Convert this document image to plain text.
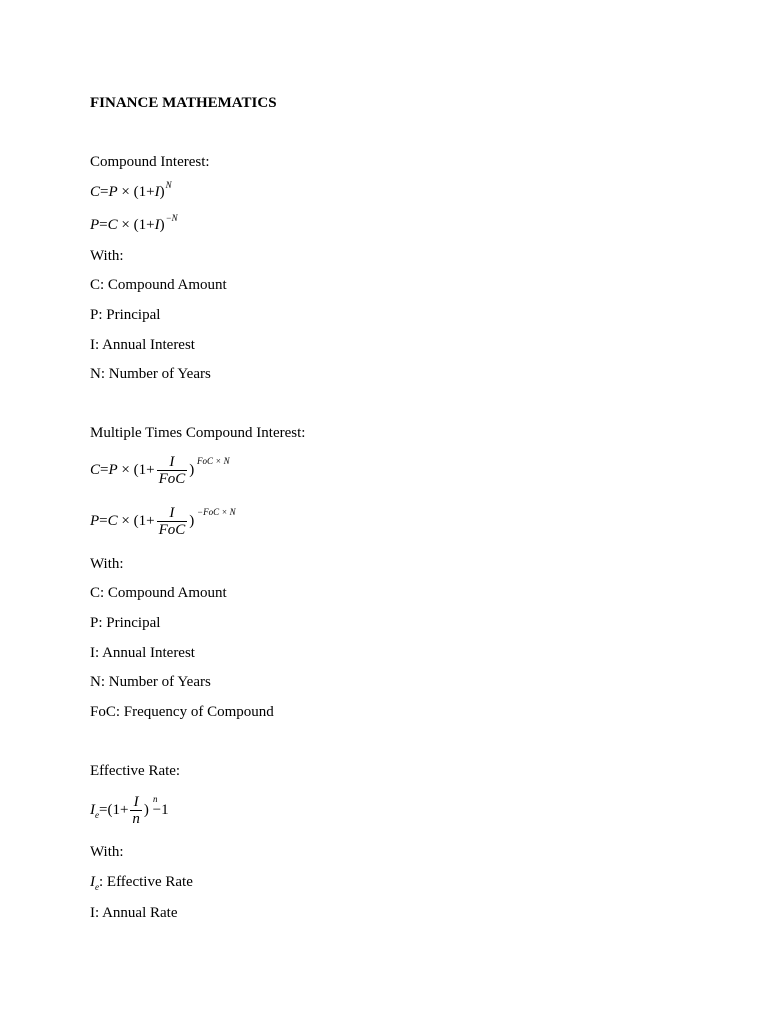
FINANCE MATHEMATICS
Compound Interest:
$C=P \times (1+I)^N$
$P=C \times (1+I)^{-N}$
With:
C: Compound Amount
P: Principal
I: Annual Interest
N: Number of Years
Multiple Times Compound Interest:
$C=P \times (1+ \frac{I}{\text{FoC}}$ )
FoC × N
$P=C \times (1+ \frac{I}{\text{FoC}}$ )
−FoC × N
With:
C: Compound Amount
P: Principal
I: Annual Interest
N: Number of Years
FoC: Frequency of Compound
Effective Rate:
$I_e=(1+ \frac{I}{n}$ )
n
−1
With:
$I_e$: Effective Rate
I: Annual Rate
